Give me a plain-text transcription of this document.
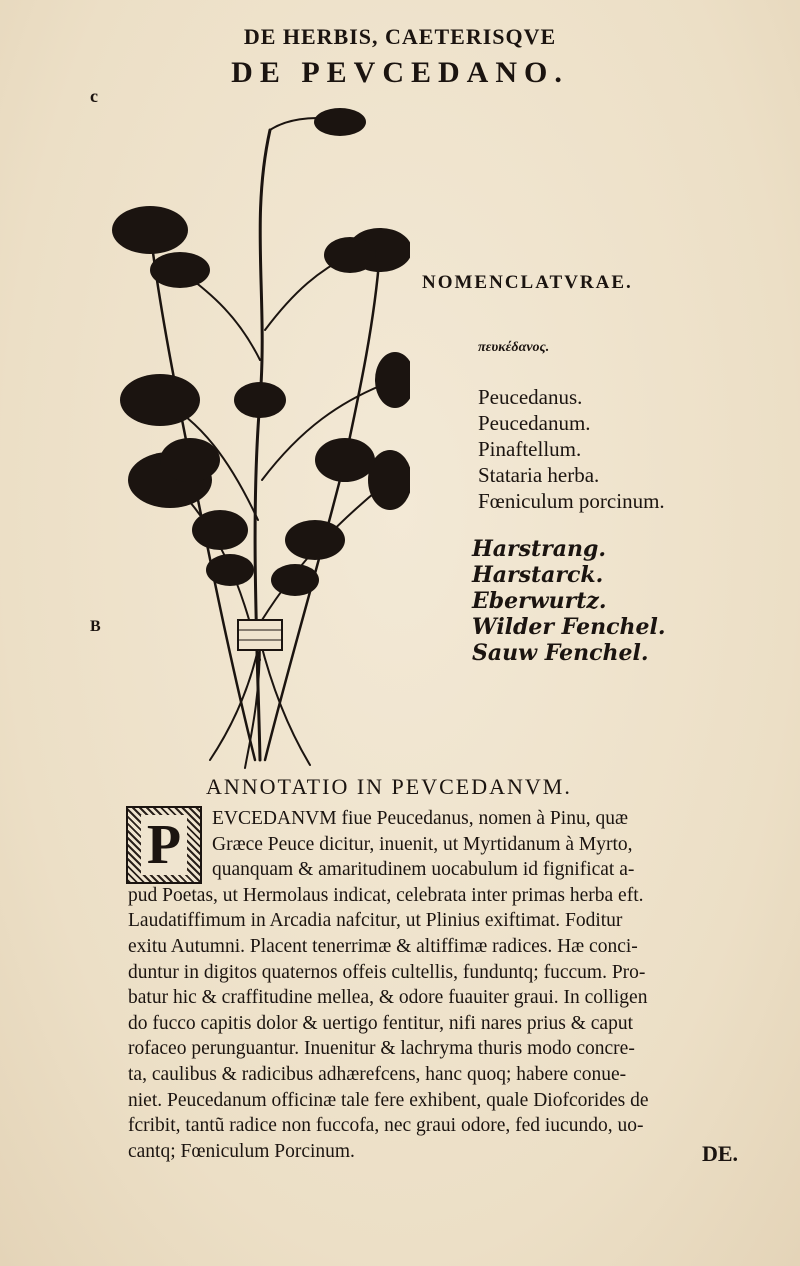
DE HERBIS, CAETERISQVE
DE PEVCEDANO.
c
B
NOMENCLATVRAE.
πευκέδανος.
Peucedanus.
Peucedanum.
Pinaftellum.
Stataria herba.
Fœniculum porcinum.
Harstrang.
Harstarck.
Eberwurtz.
Wilder Fenchel.
Sauw Fenchel.
ANNOTATIO IN PEVCEDANVM.
EVCEDANVM fiue Peucedanus, nomen à Pinu, quæ
Græce Peuce dicitur, inuenit, ut Myrtidanum à Myrto,
quanquam & amaritudinem uocabulum id fignificat a-
pud Poetas, ut Hermolaus indicat, celebrata inter primas herba eft.
Laudatiffimum in Arcadia nafcitur, ut Plinius exiftimat. Foditur
exitu Autumni. Placent tenerrimæ & altiffimæ radices. Hæ conci-
duntur in digitos quaternos offeis cultellis, funduntq; fuccum. Pro-
batur hic & craffitudine mellea, & odore fuauiter graui. In colligen
do fucco capitis dolor & uertigo fentitur, nifi nares prius & caput
rofaceo perunguantur. Inuenitur & lachryma thuris modo concre-
ta, caulibus & radicibus adhærefcens, hanc quoq; habere conue-
niet. Peucedanum officinæ tale fere exhibent, quale Diofcorides de
fcribit, tantũ radice non fuccofa, nec graui odore, fed iucundo, uo-
cantq; Fœniculum Porcinum.
P
DE.
